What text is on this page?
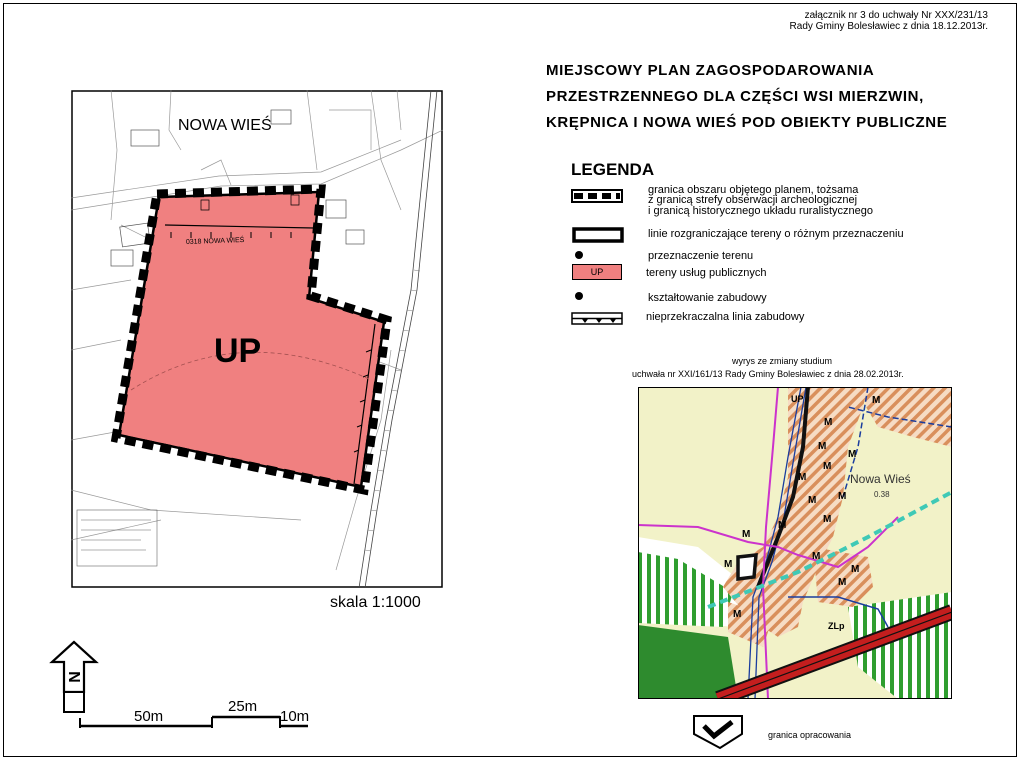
załącznik nr 3 do uchwały Nr XXX/231/13
Rady Gminy Bolesławiec z dnia 18.12.2013r.
MIEJSCOWY PLAN ZAGOSPODAROWANIA
PRZESTRZENNEGO DLA CZĘŚCI WSI MIERZWIN,
KRĘPNICA I NOWA WIEŚ POD OBIEKTY PUBLICZNE
LEGENDA
granica obszaru objętego planem, tożsama
z granicą strefy obserwacji archeologicznej
i granicą historycznego układu ruralistycznego
linie rozgraniczające tereny o różnym przeznaczeniu
przeznaczenie terenu
UP	tereny usług publicznych
kształtowanie zabudowy
nieprzekraczalna linia zabudowy
NOWA WIEŚ
UP
0318 NOWA WIEŚ
skala 1:1000
N
50m
25m
10m
wyrys ze zmiany studium
uchwała nr XXI/161/13 Rady Gminy Bolesławiec z dnia 28.02.2013r.
UP	M
M
M
M
M
M
M M
M
M
M
M
M
M
M
M
ZLp
Nowa Wieś
0.38
granica opracowania
